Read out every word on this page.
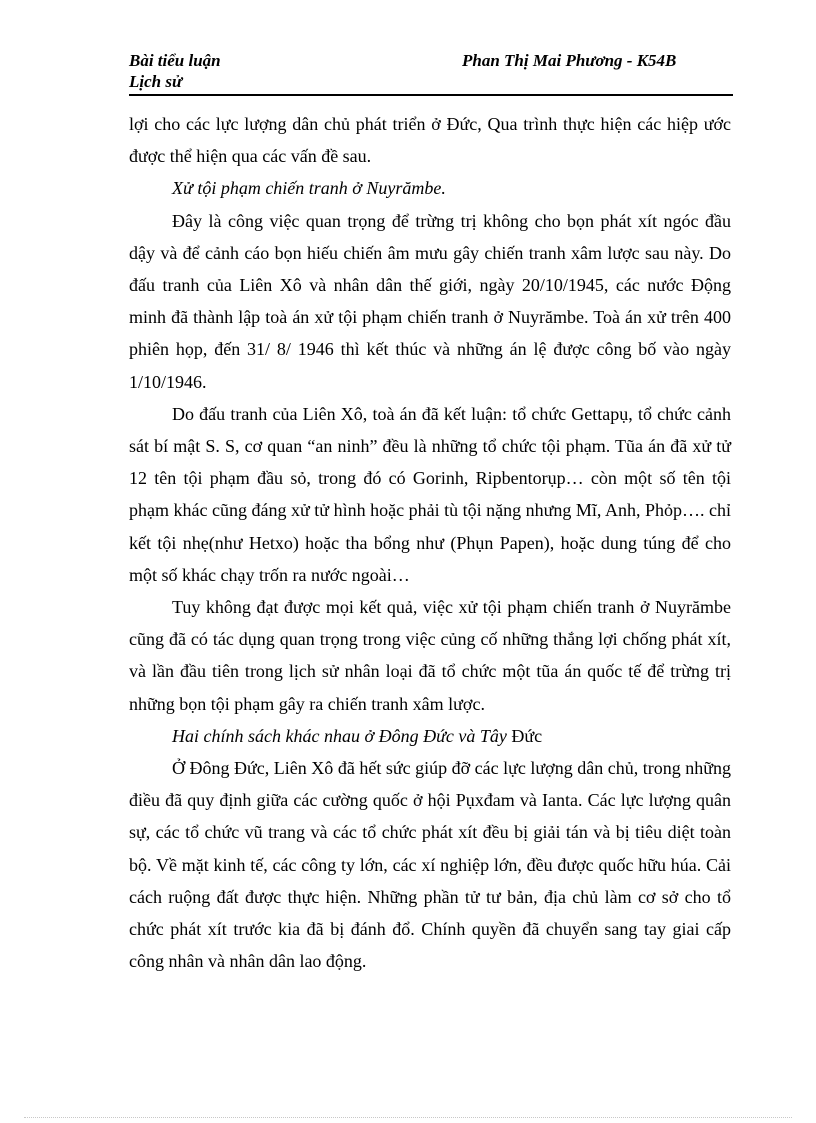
Bài tiểu luận
Lịch sử
Phan Thị Mai Phương - K54B

lợi cho các lực lượng dân chủ phát triển ở Đức, Qua trình thực hiện các hiệp ước được thể hiện qua các vấn đề sau.

Xử tội phạm chiến tranh ở Nuyrămbe.

Đây là công việc quan trọng để trừng trị không cho bọn phát xít ngóc đầu dậy và để cảnh cáo bọn hiếu chiến âm mưu gây chiến tranh xâm lược sau này. Do đấu tranh của Liên Xô và nhân dân thế giới, ngày 20/10/1945, các nước Động minh đã thành lập toà án xử tội phạm chiến tranh ở Nuyrămbe. Toà án xử trên 400 phiên họp, đến 31/ 8/ 1946 thì kết thúc và những án lệ được công bố vào ngày 1/10/1946.

Do đấu tranh của Liên Xô, toà án đã kết luận: tổ chức Gettapụ, tổ chức cảnh sát bí mật S. S, cơ quan “an ninh” đều là những tổ chức tội phạm. Tũa án đã xử tử 12 tên tội phạm đầu sỏ, trong đó có Gorinh, Ripbentorụp… còn một số tên tội phạm khác cũng đáng xử tử hình hoặc phải tù tội nặng nhưng Mĩ, Anh, Phỏp…. chỉ kết tội nhẹ(như Hetxo) hoặc tha bổng như (Phụn Papen), hoặc dung túng để cho một số khác chạy trốn ra nước ngoài…

Tuy không đạt được mọi kết quả, việc xử tội phạm chiến tranh ở Nuyrămbe cũng đã có tác dụng quan trọng trong việc củng cố những thắng lợi chống phát xít, và lần đầu tiên trong lịch sử nhân loại đã tổ chức một tũa án quốc tế để trừng trị những bọn tội phạm gây ra chiến tranh xâm lược.

Hai chính sách khác nhau ở Đông Đức và Tây Đức

Ở Đông Đức, Liên Xô đã hết sức giúp đỡ các lực lượng dân chủ, trong những điều đã quy định giữa các cường quốc ở hội Pụxđam và Ianta. Các lực lượng quân sự, các tổ chức vũ trang và các tổ chức phát xít đều bị giải tán và bị tiêu diệt toàn bộ. Về mặt kinh tế, các công ty lớn, các xí nghiệp lớn, đều được quốc hữu húa. Cải cách ruộng đất được thực hiện. Những phần tử tư bản, địa chủ làm cơ sở cho tổ chức phát xít trước kia đã bị đánh đổ. Chính quyền đã chuyển sang tay giai cấp công nhân và nhân dân lao động.
